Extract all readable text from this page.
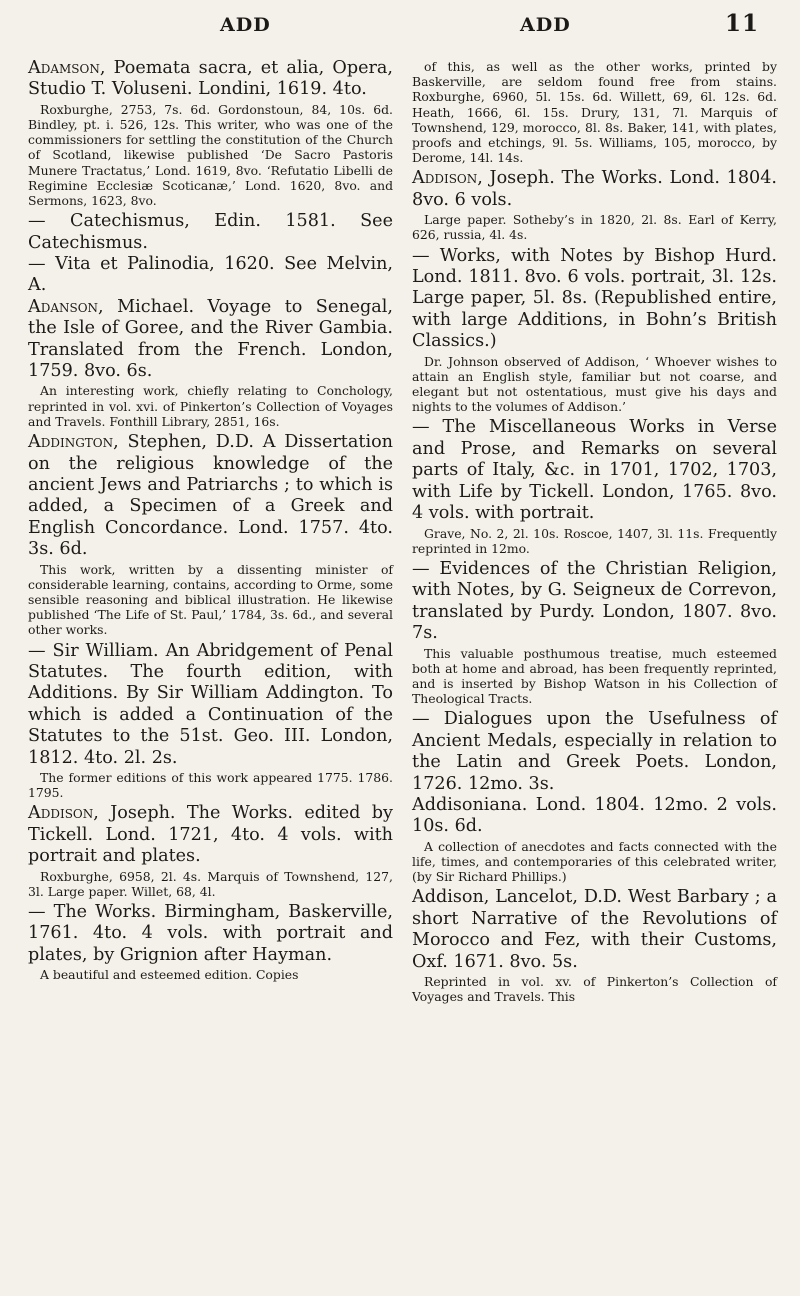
ADD	ADD	11

Adamson, Poemata sacra, et alia, Opera, Studio T. Voluseni. Londini, 1619. 4to.

Roxburghe, 2753, 7s. 6d. Gordonstoun, 84, 10s. 6d. Bindley, pt. i. 526, 12s. This writer, who was one of the commissioners for settling the constitution of the Church of Scotland, likewise published ‘De Sacro Pastoris Munere Tractatus,’ Lond. 1619, 8vo. ‘Refutatio Libelli de Regimine Ecclesiæ Scoticanæ,’ Lond. 1620, 8vo. and Sermons, 1623, 8vo.

— Catechismus, Edin. 1581. See Catechismus.

— Vita et Palinodia, 1620. See Melvin, A.

Adanson, Michael. Voyage to Senegal, the Isle of Goree, and the River Gambia. Translated from the French. London, 1759. 8vo. 6s.

An interesting work, chiefly relating to Conchology, reprinted in vol. xvi. of Pinkerton’s Collection of Voyages and Travels. Fonthill Library, 2851, 16s.

Addington, Stephen, D.D. A Dissertation on the religious knowledge of the ancient Jews and Patriarchs ; to which is added, a Specimen of a Greek and English Concordance. Lond. 1757. 4to. 3s. 6d.

This work, written by a dissenting minister of considerable learning, contains, according to Orme, some sensible reasoning and biblical illustration. He likewise published ‘The Life of St. Paul,’ 1784, 3s. 6d., and several other works.

— Sir William. An Abridgement of Penal Statutes. The fourth edition, with Additions. By Sir William Addington. To which is added a Continuation of the Statutes to the 51st. Geo. III. London, 1812. 4to. 2l. 2s.

The former editions of this work appeared 1775. 1786. 1795.

Addison, Joseph. The Works. edited by Tickell. Lond. 1721, 4to. 4 vols. with portrait and plates.

Roxburghe, 6958, 2l. 4s. Marquis of Townshend, 127, 3l. Large paper. Willet, 68, 4l.

— The Works. Birmingham, Baskerville, 1761. 4to. 4 vols. with portrait and plates, by Grignion after Hayman.

A beautiful and esteemed edition. Copies

of this, as well as the other works, printed by Baskerville, are seldom found free from stains. Roxburghe, 6960, 5l. 15s. 6d. Willett, 69, 6l. 12s. 6d. Heath, 1666, 6l. 15s. Drury, 131, 7l. Marquis of Townshend, 129, morocco, 8l. 8s. Baker, 141, with plates, proofs and etchings, 9l. 5s. Williams, 105, morocco, by Derome, 14l. 14s.

Addison, Joseph. The Works. Lond. 1804. 8vo. 6 vols.

Large paper. Sotheby’s in 1820, 2l. 8s. Earl of Kerry, 626, russia, 4l. 4s.

— Works, with Notes by Bishop Hurd. Lond. 1811. 8vo. 6 vols. portrait, 3l. 12s. Large paper, 5l. 8s. (Republished entire, with large Additions, in Bohn’s British Classics.)

Dr. Johnson observed of Addison, ‘ Whoever wishes to attain an English style, familiar but not coarse, and elegant but not ostentatious, must give his days and nights to the volumes of Addison.’

— The Miscellaneous Works in Verse and Prose, and Remarks on several parts of Italy, &c. in 1701, 1702, 1703, with Life by Tickell. London, 1765. 8vo. 4 vols. with portrait.

Grave, No. 2, 2l. 10s. Roscoe, 1407, 3l. 11s. Frequently reprinted in 12mo.

— Evidences of the Christian Religion, with Notes, by G. Seigneux de Correvon, translated by Purdy. London, 1807. 8vo. 7s.

This valuable posthumous treatise, much esteemed both at home and abroad, has been frequently reprinted, and is inserted by Bishop Watson in his Collection of Theological Tracts.

— Dialogues upon the Usefulness of Ancient Medals, especially in relation to the Latin and Greek Poets. London, 1726. 12mo. 3s.

Addisoniana. Lond. 1804. 12mo. 2 vols. 10s. 6d.

A collection of anecdotes and facts connected with the life, times, and contemporaries of this celebrated writer, (by Sir Richard Phillips.)

Addison, Lancelot, D.D. West Barbary ; a short Narrative of the Revolutions of Morocco and Fez, with their Customs, Oxf. 1671. 8vo. 5s.

Reprinted in vol. xv. of Pinkerton’s Collection of Voyages and Travels. This
